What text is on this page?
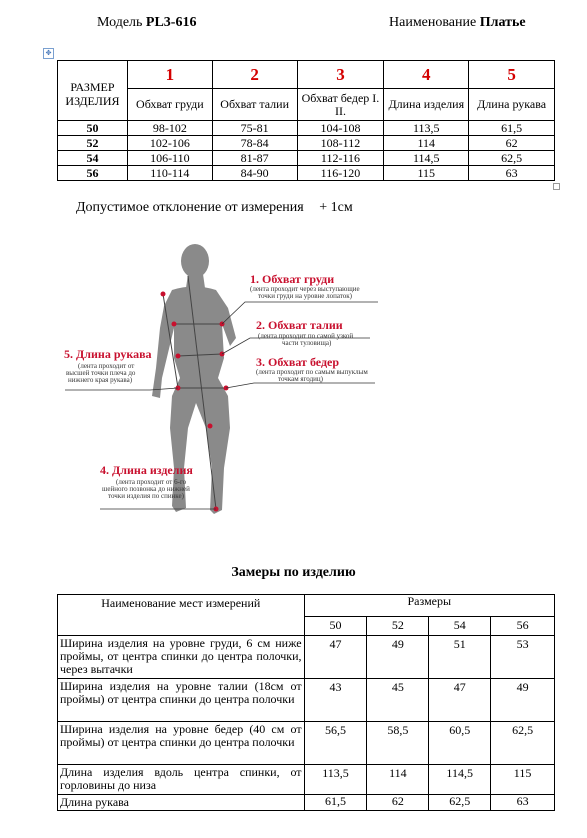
Модель PL3-616	Наименование Платье
✥
РАЗМЕР ИЗДЕЛИЯ	1	2	3	4	5
	Обхват груди	Обхват талии	Обхват бедер I. II.	Длина изделия	Длина рукава
50	98-102	75-81	104-108	113,5	61,5
52	102-106	78-84	108-112	114	62
54	106-110	81-87	112-116	114,5	62,5
56	110-114	84-90	116-120	115	63
Допустимое отклонение от измерения + 1см
1. Обхват груди
(лента проходит через выступающие
точки груди на уровне лопаток)
2. Обхват талии
(лента проходит по самой узкой
части туловища)
3. Обхват бедер
(лента проходит по самым выпуклым
точкам ягодиц)
5. Длина рукава
(лента проходит от
высшей точки плеча до
нижнего края рукава)
4. Длина изделия
(лента проходит от 6-го
шейного позвонка до нижней
точки изделия по спинке)
Замеры по изделию
Наименование мест измерений	Размеры			
	50	52	54	56
Ширина изделия на уровне груди, 6 см ниже проймы, от центра спинки до центра полочки, через вытачки	47	49	51	53
Ширина изделия на уровне талии (18см от проймы) от центра спинки до центра полочки	43	45	47	49
Ширина изделия на уровне бедер (40 см от проймы) от центра спинки до центра полочки	56,5	58,5	60,5	62,5
Длина изделия вдоль центра спинки, от горловины до низа	113,5	114	114,5	115
Длина рукава	61,5	62	62,5	63
